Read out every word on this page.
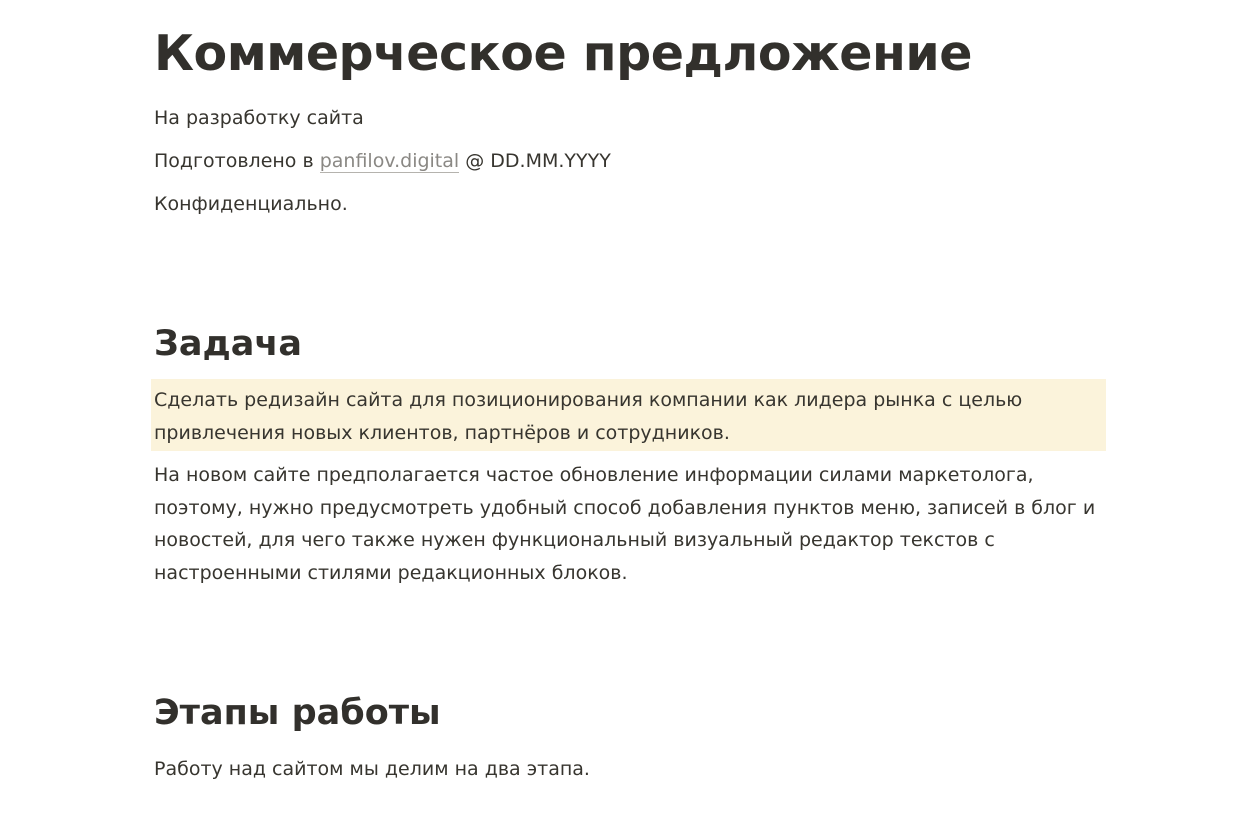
Коммерческое предложение

На разработку сайта

Подготовлено в panfilov.digital @ DD.MM.YYYY

Конфиденциально.

Задача

Сделать редизайн сайта для позиционирования компании как лидера рынка с целью привлечения новых клиентов, партнёров и сотрудников.

На новом сайте предполагается частое обновление информации силами маркетолога, поэтому, нужно предусмотреть удобный способ добавления пунктов меню, записей в блог и новостей, для чего также нужен функциональный визуальный редактор текстов с настроенными стилями редакционных блоков.

Этапы работы

Работу над сайтом мы делим на два этапа.
